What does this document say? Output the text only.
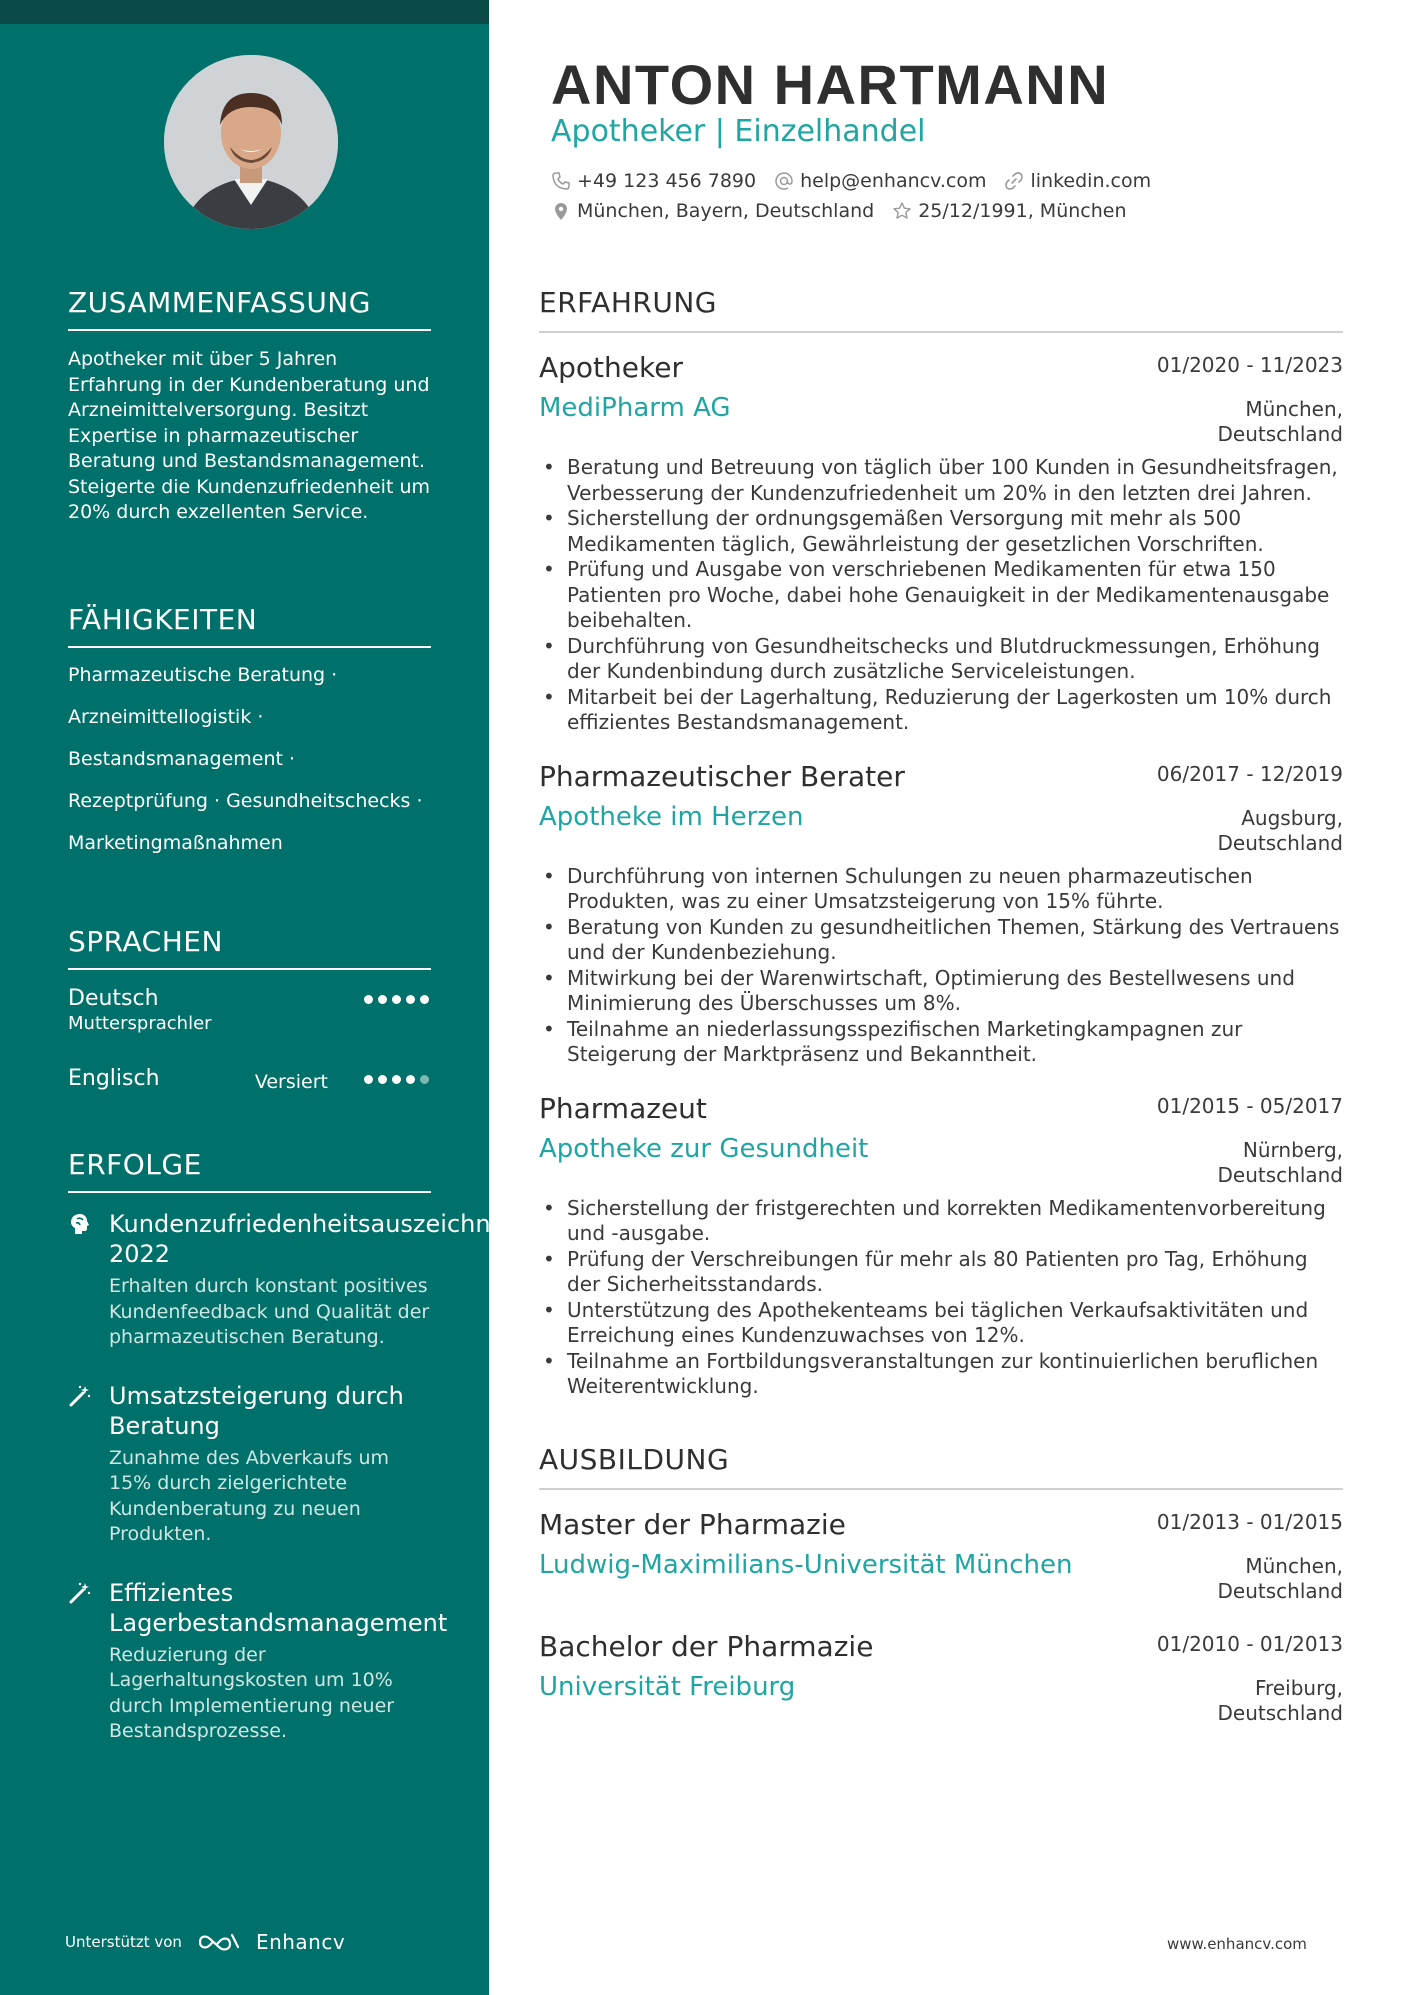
ZUSAMMENFASSUNG
Apotheker mit über 5 Jahren Erfahrung in der Kundenberatung und Arzneimittelversorgung. Besitzt Expertise in pharmazeutischer Beratung und Bestandsmanagement. Steigerte die Kundenzufriedenheit um 20% durch exzellenten Service.
FÄHIGKEITEN
Pharmazeutische Beratung ·
Arzneimittellogistik ·
Bestandsmanagement ·
Rezeptprüfung · Gesundheitschecks ·
Marketingmaßnahmen
SPRACHEN
Deutsch
Muttersprachler
Englisch	Versiert
ERFOLGE
Kundenzufriedenheitsauszeichnung 2022
Erhalten durch konstant positives Kundenfeedback und Qualität der pharmazeutischen Beratung.
Umsatzsteigerung durch Beratung
Zunahme des Abverkaufs um 15% durch zielgerichtete Kundenberatung zu neuen Produkten.
Effizientes Lagerbestandsmanagement
Reduzierung der Lagerhaltungskosten um 10% durch Implementierung neuer Bestandsprozesse.
Unterstützt von	Enhancv
ANTON HARTMANN
Apotheker | Einzelhandel
+49 123 456 7890 help@enhancv.com linkedin.com
München, Bayern, Deutschland 25/12/1991, München
ERFAHRUNG
Apotheker	01/2020 - 11/2023
MediPharm AG	München,
Deutschland
• Beratung und Betreuung von täglich über 100 Kunden in Gesundheitsfragen, Verbesserung der Kundenzufriedenheit um 20% in den letzten drei Jahren.
• Sicherstellung der ordnungsgemäßen Versorgung mit mehr als 500 Medikamenten täglich, Gewährleistung der gesetzlichen Vorschriften.
• Prüfung und Ausgabe von verschriebenen Medikamenten für etwa 150 Patienten pro Woche, dabei hohe Genauigkeit in der Medikamentenausgabe beibehalten.
• Durchführung von Gesundheitschecks und Blutdruckmessungen, Erhöhung der Kundenbindung durch zusätzliche Serviceleistungen.
• Mitarbeit bei der Lagerhaltung, Reduzierung der Lagerkosten um 10% durch effizientes Bestandsmanagement.
Pharmazeutischer Berater	06/2017 - 12/2019
Apotheke im Herzen	Augsburg,
Deutschland
• Durchführung von internen Schulungen zu neuen pharmazeutischen Produkten, was zu einer Umsatzsteigerung von 15% führte.
• Beratung von Kunden zu gesundheitlichen Themen, Stärkung des Vertrauens und der Kundenbeziehung.
• Mitwirkung bei der Warenwirtschaft, Optimierung des Bestellwesens und Minimierung des Überschusses um 8%.
• Teilnahme an niederlassungsspezifischen Marketingkampagnen zur Steigerung der Marktpräsenz und Bekanntheit.
Pharmazeut	01/2015 - 05/2017
Apotheke zur Gesundheit	Nürnberg,
Deutschland
• Sicherstellung der fristgerechten und korrekten Medikamentenvorbereitung und -ausgabe.
• Prüfung der Verschreibungen für mehr als 80 Patienten pro Tag, Erhöhung der Sicherheitsstandards.
• Unterstützung des Apothekenteams bei täglichen Verkaufsaktivitäten und Erreichung eines Kundenzuwachses von 12%.
• Teilnahme an Fortbildungsveranstaltungen zur kontinuierlichen beruflichen Weiterentwicklung.
AUSBILDUNG
Master der Pharmazie	01/2013 - 01/2015
Ludwig-Maximilians-Universität München	München,
Deutschland
Bachelor der Pharmazie	01/2010 - 01/2013
Universität Freiburg	Freiburg,
Deutschland
www.enhancv.com
